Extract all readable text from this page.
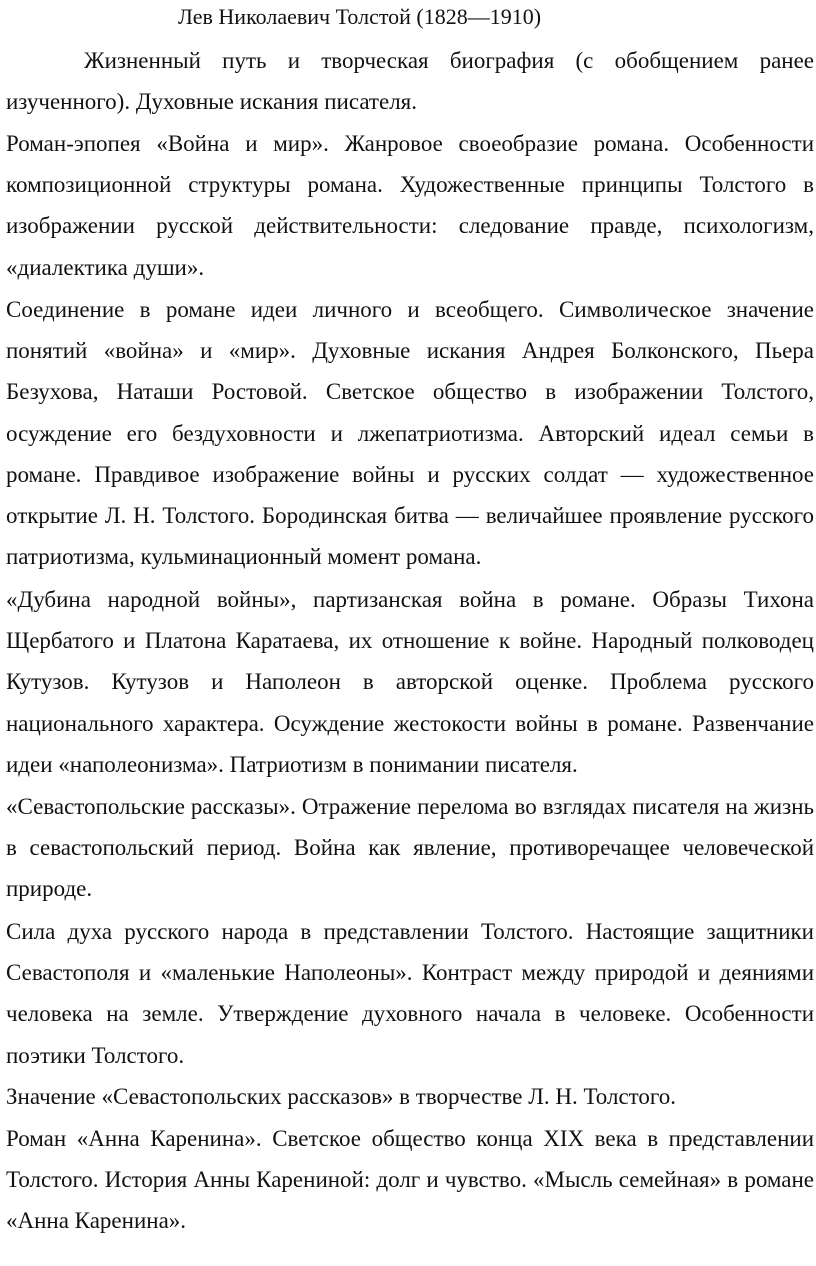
Лев Николаевич Толстой (1828—1910)

Жизненный путь и творческая биография (с обобщением ранее изученного). Духовные искания писателя.

Роман-эпопея «Война и мир». Жанровое своеобразие романа. Особенности композиционной структуры романа. Художественные принципы Толстого в изображении русской действительности: следование правде, психологизм, «диалектика души».

Соединение в романе идеи личного и всеобщего. Символическое значение понятий «война» и «мир». Духовные искания Андрея Болконского, Пьера Безухова, Наташи Ростовой. Светское общество в изображении Толстого, осуждение его бездуховности и лжепатриотизма. Авторский идеал семьи в романе. Правдивое изображение войны и русских солдат — художественное открытие Л. Н. Толстого. Бородинская битва — величайшее проявление русского патриотизма, кульминационный момент романа.

«Дубина народной войны», партизанская война в романе. Образы Тихона Щербатого и Платона Каратаева, их отношение к войне. Народный полководец Кутузов. Кутузов и Наполеон в авторской оценке. Проблема русского национального характера. Осуждение жестокости войны в романе. Развенчание идеи «наполеонизма». Патриотизм в понимании писателя.

«Севастопольские рассказы». Отражение перелома во взглядах писателя на жизнь в севастопольский период. Война как явление, противоречащее человеческой природе.

Сила духа русского народа в представлении Толстого. Настоящие защитники Севастополя и «маленькие Наполеоны». Контраст между природой и деяниями человека на земле. Утверждение духовного начала в человеке. Особенности поэтики Толстого.

Значение «Севастопольских рассказов» в творчестве Л. Н. Толстого.

Роман «Анна Каренина». Светское общество конца XIX века в представлении Толстого. История Анны Карениной: долг и чувство. «Мысль семейная» в романе «Анна Каренина».
